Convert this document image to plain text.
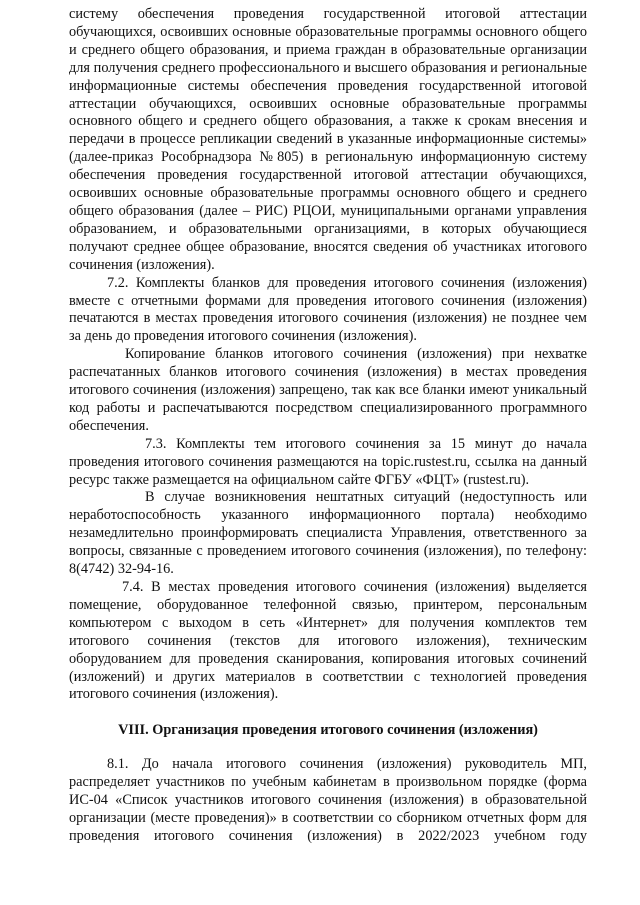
системy обеспечения проведения государственной итоговой аттестации обучающихся, освоивших основные образовательные программы основного общего и среднего общего образования, и приема граждан в образовательные организации для получения среднего профессионального и высшего образования и региональные информационные системы обеспечения проведения государственной итоговой аттестации обучающихся, освоивших основные образовательные программы основного общего и среднего общего образования, а также к срокам внесения и передачи в процессе репликации сведений в указанные информационные системы» (далее-приказ Рособрнадзора №805) в региональную информационную систему обеспечения проведения государственной итоговой аттестации обучающихся, освоивших основные образовательные программы основного общего и среднего общего образования (далее – РИС) РЦОИ, муниципальными органами управления образованием, и образовательными организациями, в которых обучающиеся получают среднее общее образование, вносятся сведения об участниках итогового сочинения (изложения).

7.2. Комплекты бланков для проведения итогового сочинения (изложения) вместе с отчетными формами для проведения итогового сочинения (изложения) печатаются в местах проведения итогового сочинения (изложения) не позднее чем за день до проведения итогового сочинения (изложения).

Копирование бланков итогового сочинения (изложения) при нехватке распечатанных бланков итогового сочинения (изложения) в местах проведения итогового сочинения (изложения) запрещено, так как все бланки имеют уникальный код работы и распечатываются посредством специализированного программного обеспечения.

7.3. Комплекты тем итогового сочинения за 15 минут до начала проведения итогового сочинения размещаются на topic.rustest.ru, ссылка на данный ресурс также размещается на официальном сайте ФГБУ «ФЦТ» (rustest.ru).

В случае возникновения нештатных ситуаций (недоступность или неработоспособность указанного информационного портала) необходимо незамедлительно проинформировать специалиста Управления, ответственного за вопросы, связанные с проведением итогового сочинения (изложения), по телефону: 8(4742) 32-94-16.

7.4. В местах проведения итогового сочинения (изложения) выделяется помещение, оборудованное телефонной связью, принтером, персональным компьютером с выходом в сеть «Интернет» для получения комплектов тем итогового сочинения (текстов для итогового изложения), техническим оборудованием для проведения сканирования, копирования итоговых сочинений (изложений) и других материалов в соответствии с технологией проведения итогового сочинения (изложения).

VIII. Организация проведения итогового сочинения (изложения)

8.1. До начала итогового сочинения (изложения) руководитель МП, распределяет участников по учебным кабинетам в произвольном порядке (форма ИС-04 «Список участников итогового сочинения (изложения) в образовательной организации (месте проведения)» в соответствии со сборником отчетных форм для проведения итогового сочинения (изложения) в 2022/2023 учебном году
